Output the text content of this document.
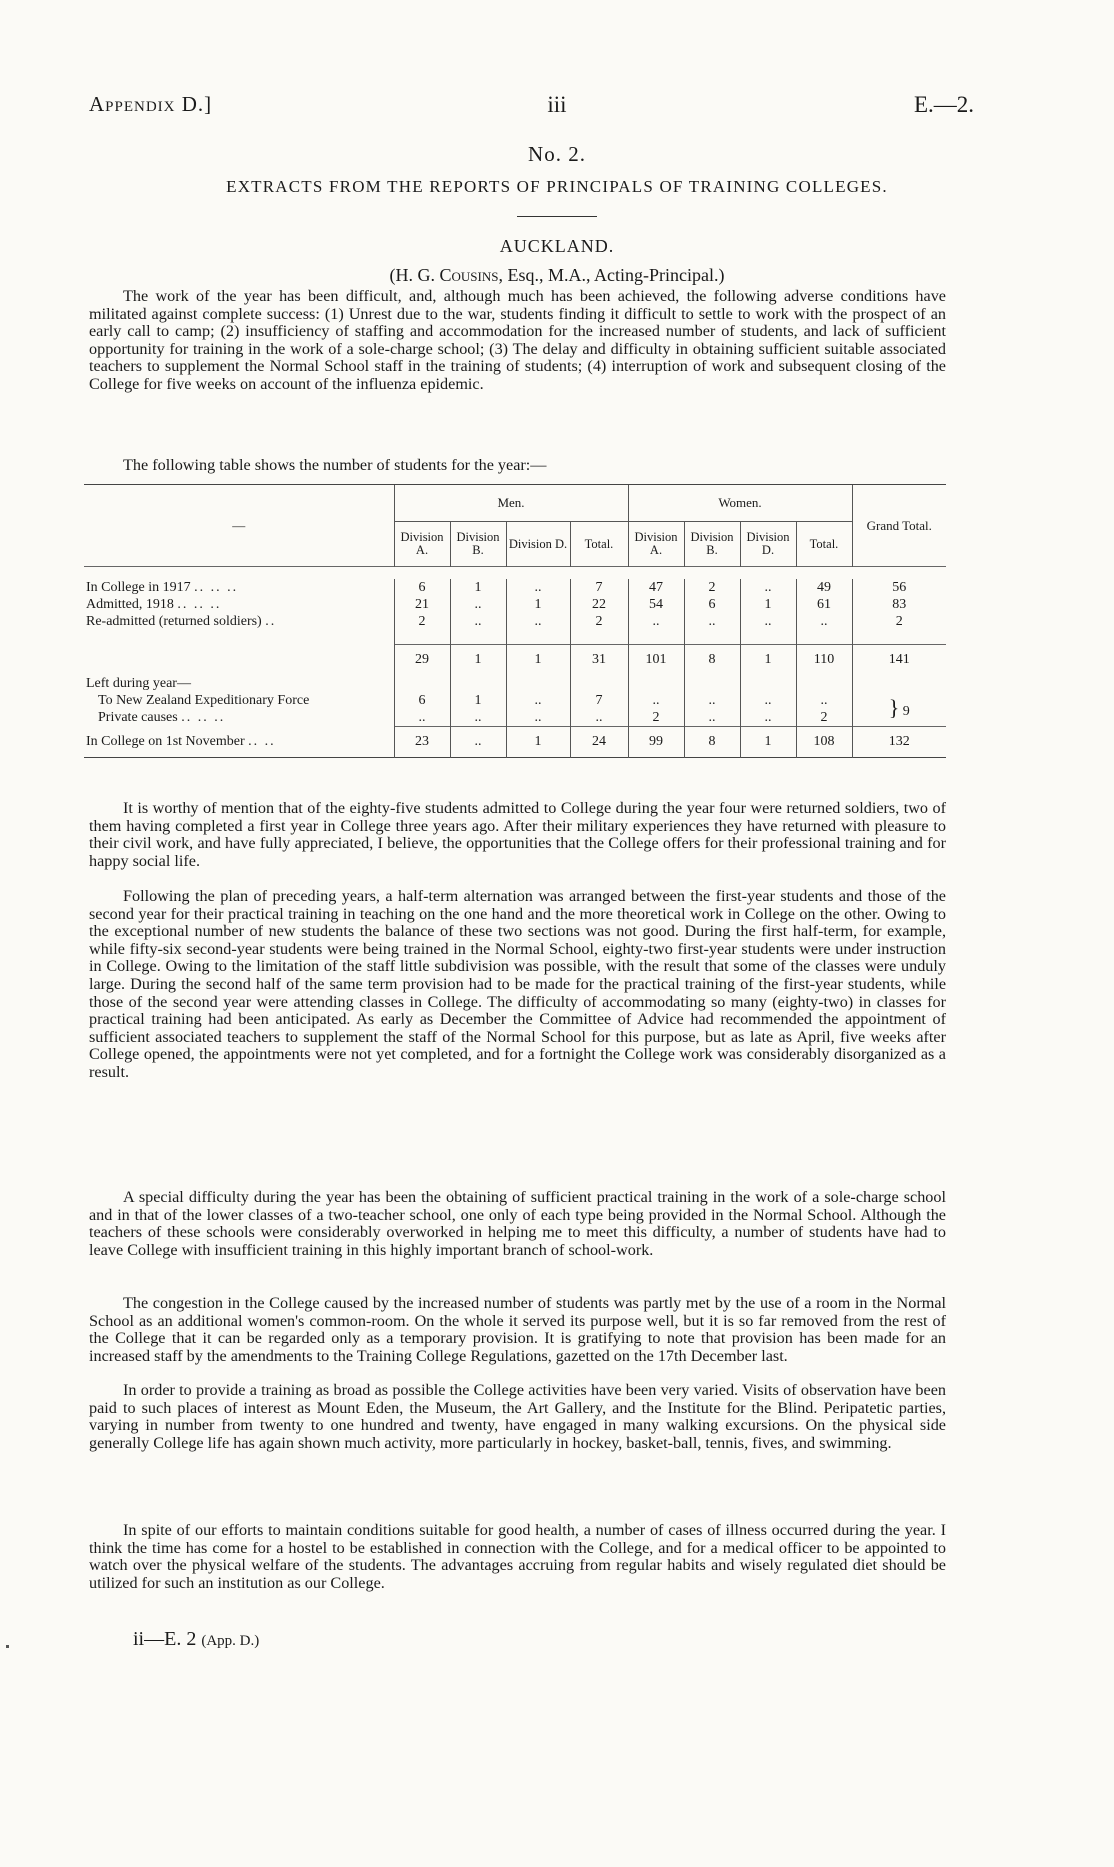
Appendix D.]	iii	E.—2.
No. 2.
EXTRACTS FROM THE REPORTS OF PRINCIPALS OF TRAINING COLLEGES.
AUCKLAND.
(H. G. Cousins, Esq., M.A., Acting-Principal.)

The work of the year has been difficult, and, although much has been achieved, the following adverse conditions have militated against complete success: (1) Unrest due to the war, students finding it difficult to settle to work with the prospect of an early call to camp; (2) insufficiency of staffing and accommodation for the increased number of students, and lack of sufficient opportunity for training in the work of a sole-charge school; (3) The delay and difficulty in obtaining sufficient suitable associated teachers to supplement the Normal School staff in the training of students; (4) interruption of work and subsequent closing of the College for five weeks on account of the influenza epidemic.

The following table shows the number of students for the year:—

—	Men.				Women.				Grand Total.
	Division A.	Division B.	Division D.	Total.	Division A.	Division B.	Division D.	Total.	

In College in 1917 .. .. ..	6	1	..	7	47	2	..	49	56
Admitted, 1918 .. .. ..	21	..	1	22	54	6	1	61	83
Re-admitted (returned soldiers) ..	2	..	..	2	..	..	..	..	2

	29	1	1	31	101	8	1	110	141
Left during year—									
To New Zealand Expeditionary Force	6	1	..	7	..	..	..	..	} 9
Private causes .. .. ..	..	..	..	..	2	..	..	2	
In College on 1st November .. ..	23	..	1	24	99	8	1	108	132

It is worthy of mention that of the eighty-five students admitted to College during the year four were returned soldiers, two of them having completed a first year in College three years ago. After their military experiences they have returned with pleasure to their civil work, and have fully appreciated, I believe, the opportunities that the College offers for their professional training and for happy social life.

Following the plan of preceding years, a half-term alternation was arranged between the first-year students and those of the second year for their practical training in teaching on the one hand and the more theoretical work in College on the other. Owing to the exceptional number of new students the balance of these two sections was not good. During the first half-term, for example, while fifty-six second-year students were being trained in the Normal School, eighty-two first-year students were under instruction in College. Owing to the limitation of the staff little subdivision was possible, with the result that some of the classes were unduly large. During the second half of the same term provision had to be made for the practical training of the first-year students, while those of the second year were attending classes in College. The difficulty of accommodating so many (eighty-two) in classes for practical training had been anticipated. As early as December the Committee of Advice had recommended the appointment of sufficient associated teachers to supplement the staff of the Normal School for this purpose, but as late as April, five weeks after College opened, the appointments were not yet completed, and for a fortnight the College work was considerably disorganized as a result.

A special difficulty during the year has been the obtaining of sufficient practical training in the work of a sole-charge school and in that of the lower classes of a two-teacher school, one only of each type being provided in the Normal School. Although the teachers of these schools were considerably overworked in helping me to meet this difficulty, a number of students have had to leave College with insufficient training in this highly important branch of school-work.

The congestion in the College caused by the increased number of students was partly met by the use of a room in the Normal School as an additional women's common-room. On the whole it served its purpose well, but it is so far removed from the rest of the College that it can be regarded only as a temporary provision. It is gratifying to note that provision has been made for an increased staff by the amendments to the Training College Regulations, gazetted on the 17th December last.

In order to provide a training as broad as possible the College activities have been very varied. Visits of observation have been paid to such places of interest as Mount Eden, the Museum, the Art Gallery, and the Institute for the Blind. Peripatetic parties, varying in number from twenty to one hundred and twenty, have engaged in many walking excursions. On the physical side generally College life has again shown much activity, more particularly in hockey, basket-ball, tennis, fives, and swimming.

In spite of our efforts to maintain conditions suitable for good health, a number of cases of illness occurred during the year. I think the time has come for a hostel to be established in connection with the College, and for a medical officer to be appointed to watch over the physical welfare of the students. The advantages accruing from regular habits and wisely regulated diet should be utilized for such an institution as our College.

ii—E. 2 (App. D.)
